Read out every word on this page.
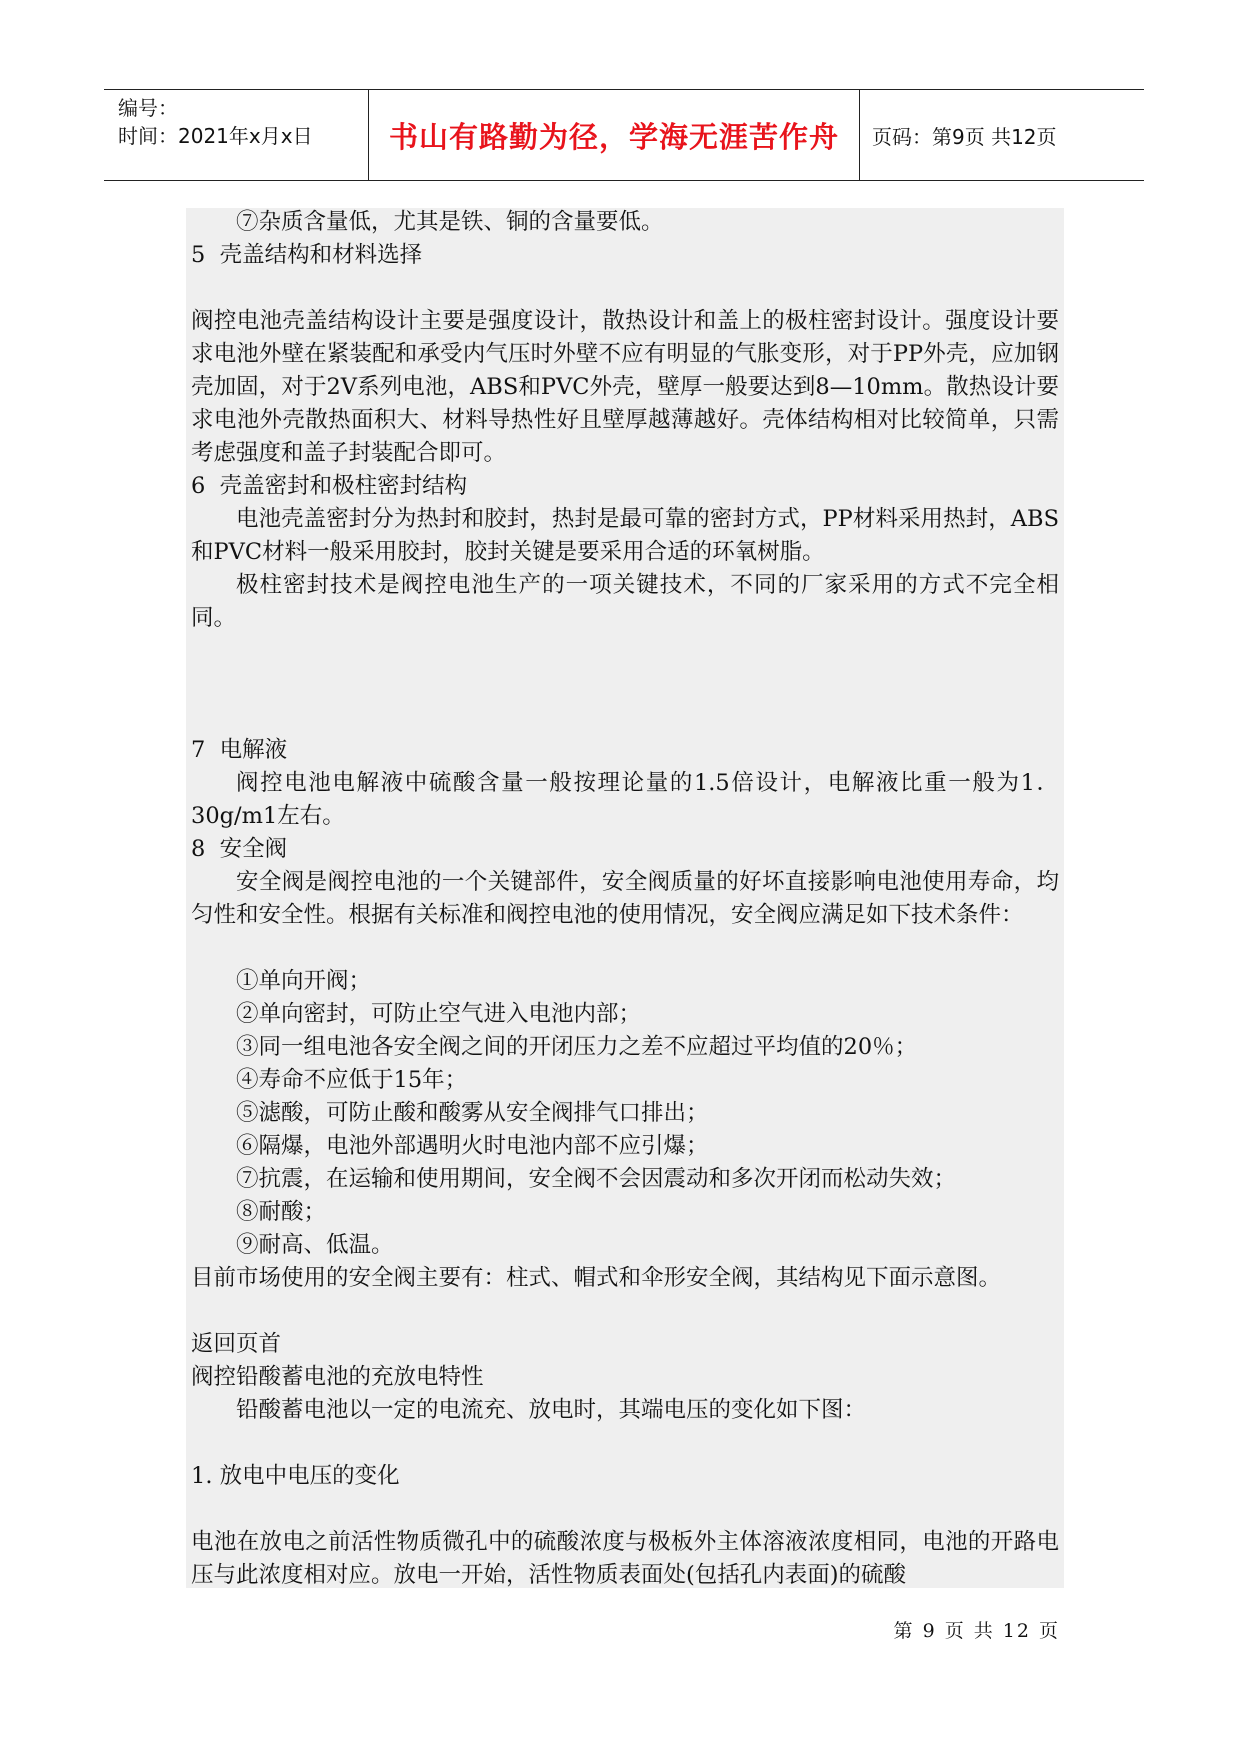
编号：
时间：2021年x月x日	书山有路勤为径，学海无涯苦作舟	页码：第9页 共12页

⑦杂质含量低，尤其是铁、铜的含量要低。

5  壳盖结构和材料选择

阀控电池壳盖结构设计主要是强度设计，散热设计和盖上的极柱密封设计。强度设计要求电池外壁在紧装配和承受内气压时外壁不应有明显的气胀变形，对于PP外壳，应加钢壳加固，对于2V系列电池，ABS和PVC外壳，壁厚一般要达到8—10mm。散热设计要求电池外壳散热面积大、材料导热性好且壁厚越薄越好。壳体结构相对比较简单，只需考虑强度和盖子封装配合即可。

6  壳盖密封和极柱密封结构

电池壳盖密封分为热封和胶封，热封是最可靠的密封方式，PP材料采用热封，ABS和PVC材料一般采用胶封，胶封关键是要采用合适的环氧树脂。

极柱密封技术是阀控电池生产的一项关键技术，不同的厂家采用的方式不完全相同。

7  电解液

阀控电池电解液中硫酸含量一般按理论量的1.5倍设计，电解液比重一般为1．30g/m1左右。

8  安全阀

安全阀是阀控电池的一个关键部件，安全阀质量的好坏直接影响电池使用寿命，均匀性和安全性。根据有关标准和阀控电池的使用情况，安全阀应满足如下技术条件：

①单向开阀；

②单向密封，可防止空气进入电池内部；

③同一组电池各安全阀之间的开闭压力之差不应超过平均值的20％；

④寿命不应低于15年；

⑤滤酸，可防止酸和酸雾从安全阀排气口排出；

⑥隔爆，电池外部遇明火时电池内部不应引爆；

⑦抗震，在运输和使用期间，安全阀不会因震动和多次开闭而松动失效；

⑧耐酸；

⑨耐高、低温。

目前市场使用的安全阀主要有：柱式、帽式和伞形安全阀，其结构见下面示意图。

返回页首

阀控铅酸蓄电池的充放电特性

铅酸蓄电池以一定的电流充、放电时，其端电压的变化如下图：

1. 放电中电压的变化

电池在放电之前活性物质微孔中的硫酸浓度与极板外主体溶液浓度相同，电池的开路电压与此浓度相对应。放电一开始，活性物质表面处(包括孔内表面)的硫酸

第 9 页 共 12 页
